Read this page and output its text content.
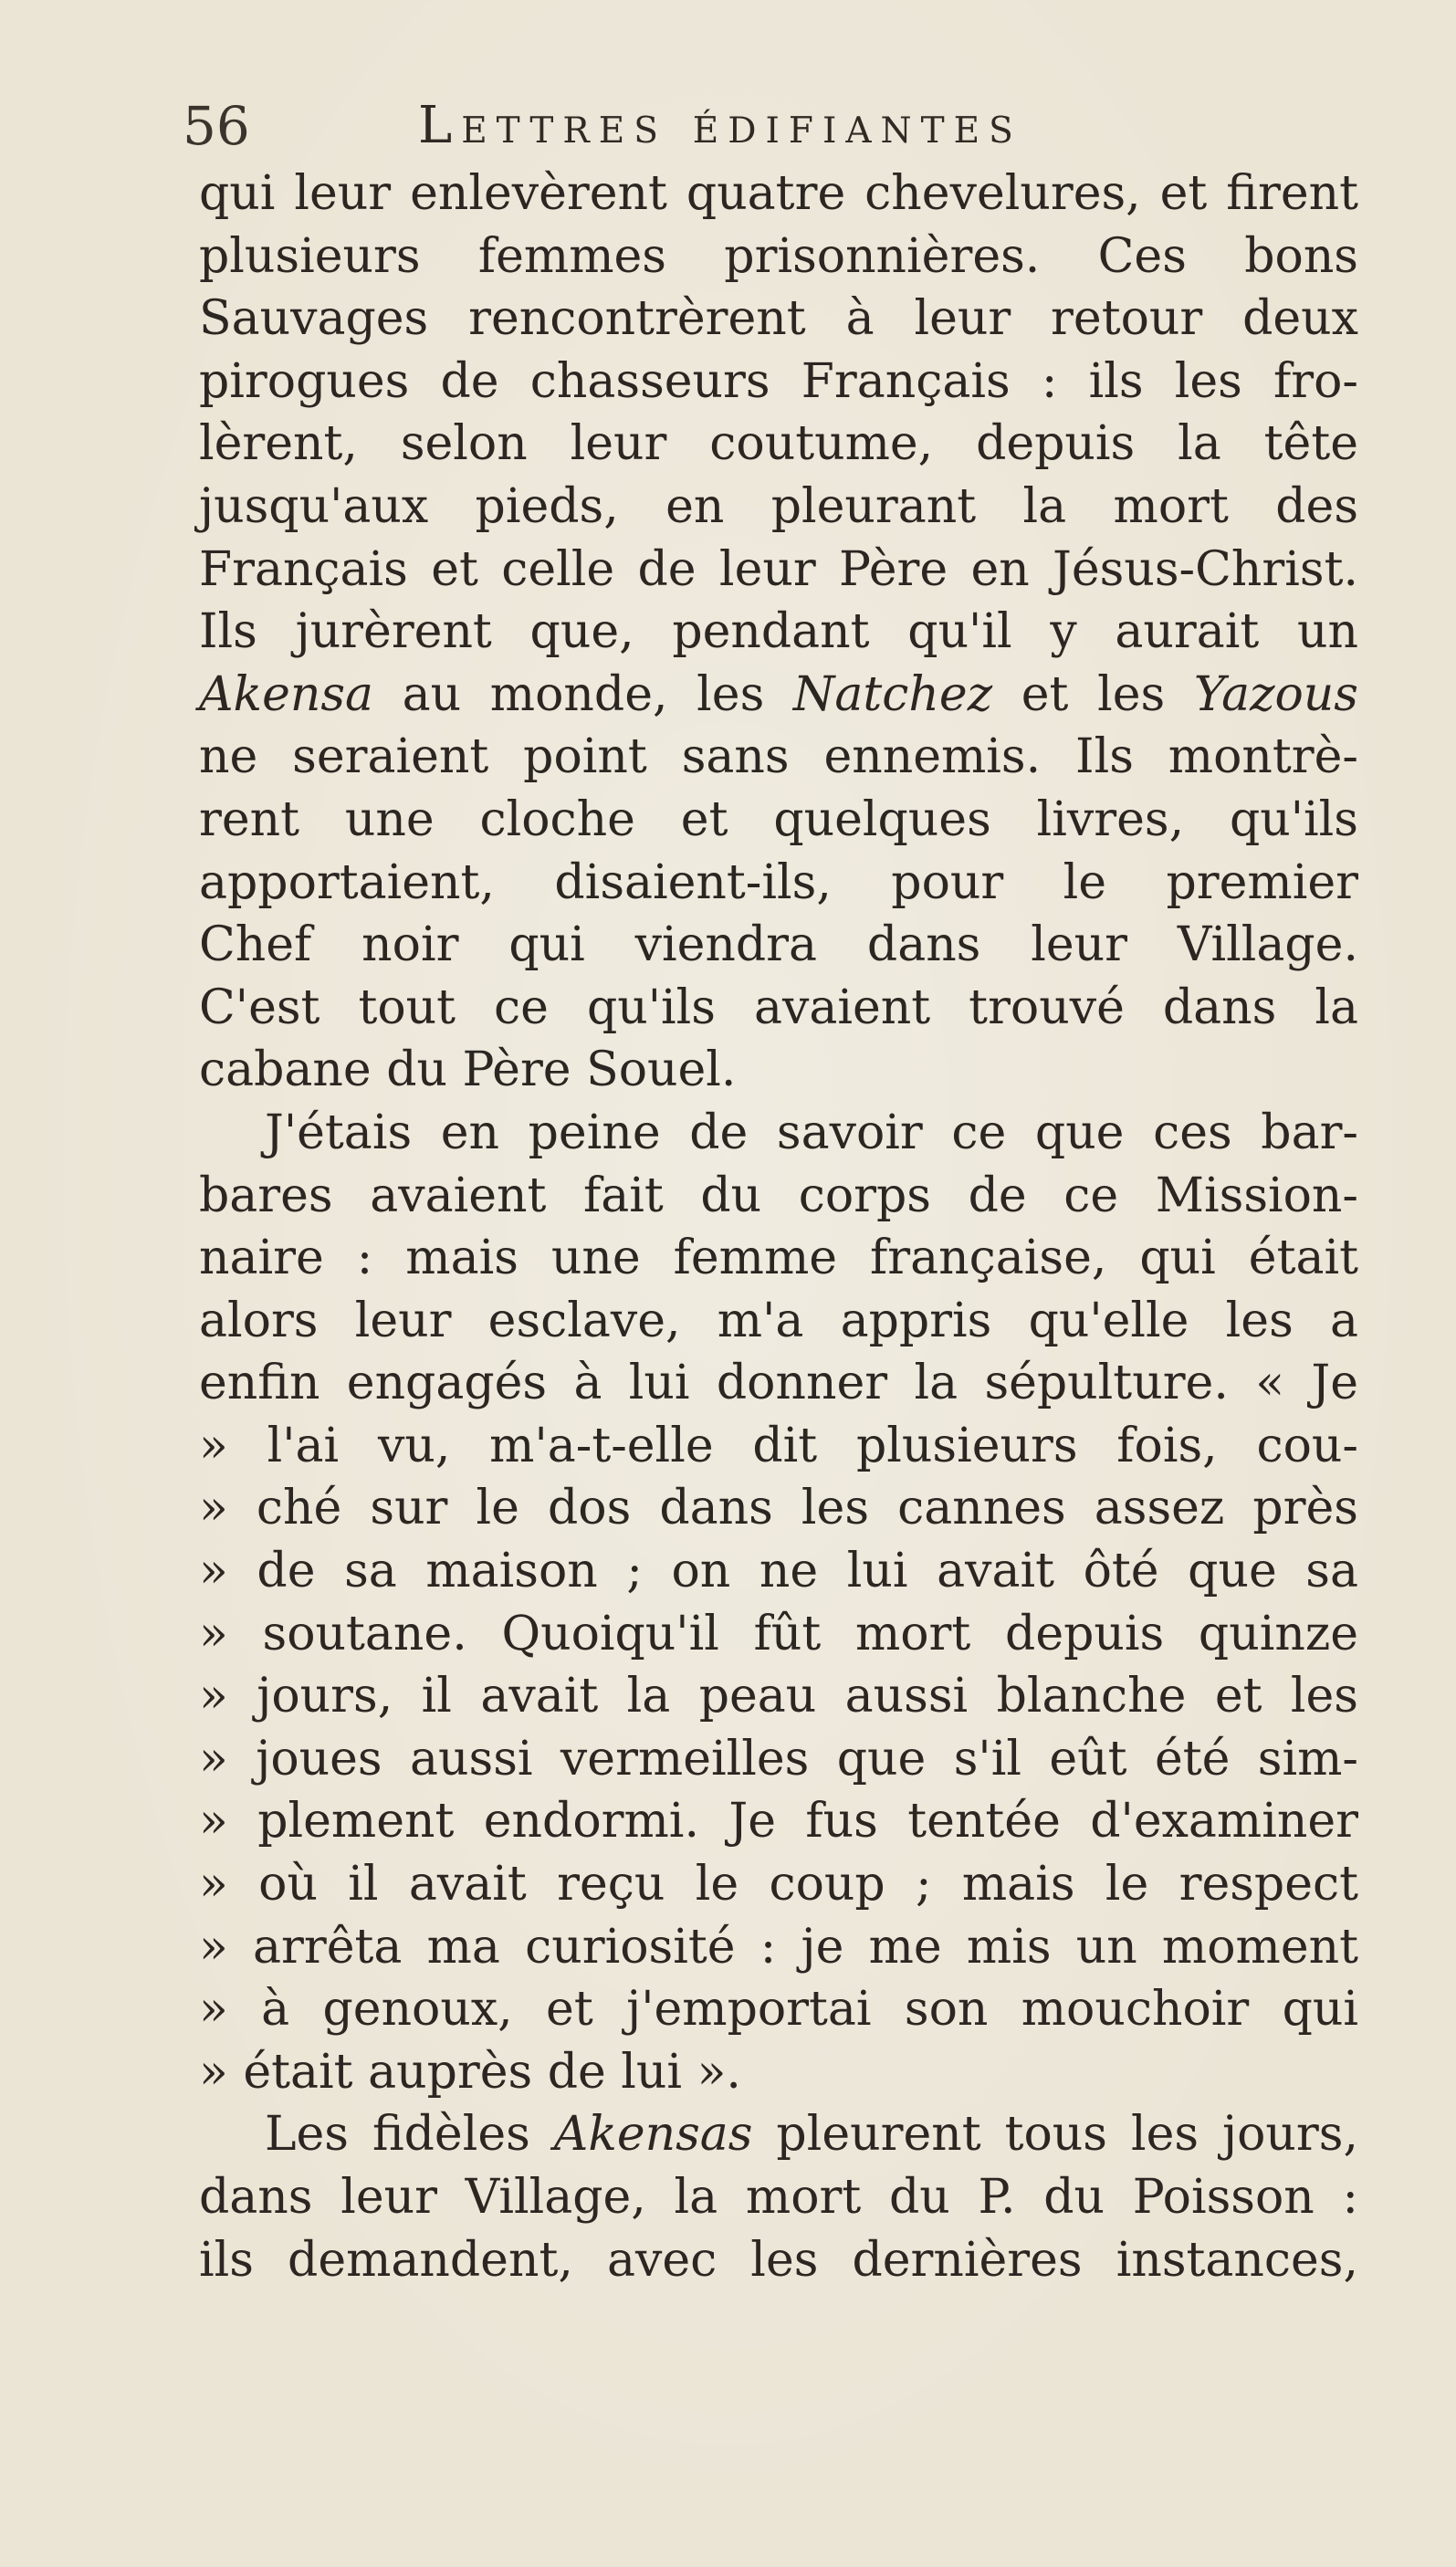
56	Lettres édifiantes
qui leur enlevèrent quatre chevelures, et firent
plusieurs femmes prisonnières. Ces bons
Sauvages rencontrèrent à leur retour deux
pirogues de chasseurs Français : ils les fro-
lèrent, selon leur coutume, depuis la tête
jusqu'aux pieds, en pleurant la mort des
Français et celle de leur Père en Jésus-Christ.
Ils jurèrent que, pendant qu'il y aurait un
Akensa au monde, les Natchez et les Yazous
ne seraient point sans ennemis. Ils montrè-
rent une cloche et quelques livres, qu'ils
apportaient, disaient-ils, pour le premier
Chef noir qui viendra dans leur Village.
C'est tout ce qu'ils avaient trouvé dans la
cabane du Père Souel.
J'étais en peine de savoir ce que ces bar-
bares avaient fait du corps de ce Mission-
naire : mais une femme française, qui était
alors leur esclave, m'a appris qu'elle les a
enfin engagés à lui donner la sépulture. « Je
» l'ai vu, m'a-t-elle dit plusieurs fois, cou-
» ché sur le dos dans les cannes assez près
» de sa maison ; on ne lui avait ôté que sa
» soutane. Quoiqu'il fût mort depuis quinze
» jours, il avait la peau aussi blanche et les
» joues aussi vermeilles que s'il eût été sim-
» plement endormi. Je fus tentée d'examiner
» où il avait reçu le coup ; mais le respect
» arrêta ma curiosité : je me mis un moment
» à genoux, et j'emportai son mouchoir qui
» était auprès de lui ».
Les fidèles Akensas pleurent tous les jours,
dans leur Village, la mort du P. du Poisson :
ils demandent, avec les dernières instances,
